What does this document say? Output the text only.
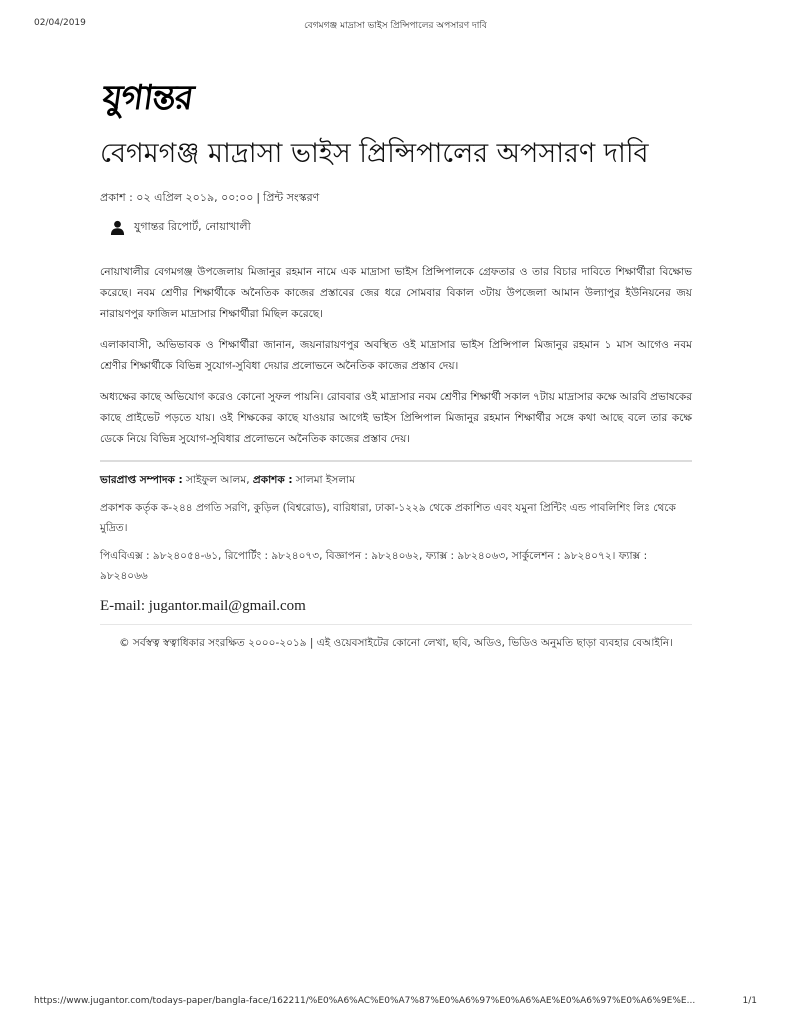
02/04/2019	বেগমগঞ্জ মাদ্রাসা ভাইস প্রিন্সিপালের অপসারণ দাবি
যুগান্তর
বেগমগঞ্জ মাদ্রাসা ভাইস প্রিন্সিপালের অপসারণ দাবি
প্রকাশ : ০২ এপ্রিল ২০১৯, ০০:০০ | প্রিন্ট সংস্করণ
যুগান্তর রিপোর্ট, নোয়াখালী

নোয়াখালীর বেগমগঞ্জ উপজেলায় মিজানুর রহমান নামে এক মাদ্রাসা ভাইস প্রিন্সিপালকে গ্রেফতার ও তার বিচার দাবিতে শিক্ষার্থীরা বিক্ষোভ করেছে। নবম শ্রেণীর শিক্ষার্থীকে অনৈতিক কাজের প্রস্তাবের জের ধরে সোমবার বিকাল ৩টায় উপজেলা আমান উল্যাপুর ইউনিয়নের জয় নারায়ণপুর ফাজিল মাদ্রাসার শিক্ষার্থীরা মিছিল করেছে।

এলাকাবাসী, অভিভাবক ও শিক্ষার্থীরা জানান, জয়নারায়ণপুর অবস্থিত ওই মাদ্রাসার ভাইস প্রিন্সিপাল মিজানুর রহমান ১ মাস আগেও নবম শ্রেণীর শিক্ষার্থীকে বিভিন্ন সুযোগ-সুবিধা দেয়ার প্রলোভনে অনৈতিক কাজের প্রস্তাব দেয়।

অধ্যক্ষের কাছে অভিযোগ করেও কোনো সুফল পায়নি। রোববার ওই মাদ্রাসার নবম শ্রেণীর শিক্ষার্থী সকাল ৭টায় মাদ্রাসার কক্ষে আরবি প্রভাষকের কাছে প্রাইভেট পড়তে যায়। ওই শিক্ষকের কাছে যাওয়ার আগেই ভাইস প্রিন্সিপাল মিজানুর রহমান শিক্ষার্থীর সঙ্গে কথা আছে বলে তার কক্ষে ডেকে নিয়ে বিভিন্ন সুযোগ-সুবিধার প্রলোভনে অনৈতিক কাজের প্রস্তাব দেয়।

ভারপ্রাপ্ত সম্পাদক : সাইফুল আলম, প্রকাশক : সালমা ইসলাম
প্রকাশক কর্তৃক ক-২৪৪ প্রগতি সরণি, কুড়িল (বিশ্বরোড), বারিধারা, ঢাকা-১২২৯ থেকে প্রকাশিত এবং যমুনা প্রিন্টিং এন্ড পাবলিশিং লিঃ থেকে মুদ্রিত।
পিএবিএক্স : ৯৮২৪০৫৪-৬১, রিপোর্টিং : ৯৮২৪০৭৩, বিজ্ঞাপন : ৯৮২৪০৬২, ফ্যাক্স : ৯৮২৪০৬৩, সার্কুলেশন : ৯৮২৪০৭২। ফ্যাক্স : ৯৮২৪০৬৬
E-mail: jugantor.mail@gmail.com
© সর্বস্বত্ব স্বত্বাধিকার সংরক্ষিত ২০০০-২০১৯ | এই ওয়েবসাইটের কোনো লেখা, ছবি, অডিও, ভিডিও অনুমতি ছাড়া ব্যবহার বেআইনি।
https://www.jugantor.com/todays-paper/bangla-face/162211/%E0%A6%AC%E0%A7%87%E0%A6%97%E0%A6%AE%E0%A6%97%E0%A6%9E%E...	1/1
